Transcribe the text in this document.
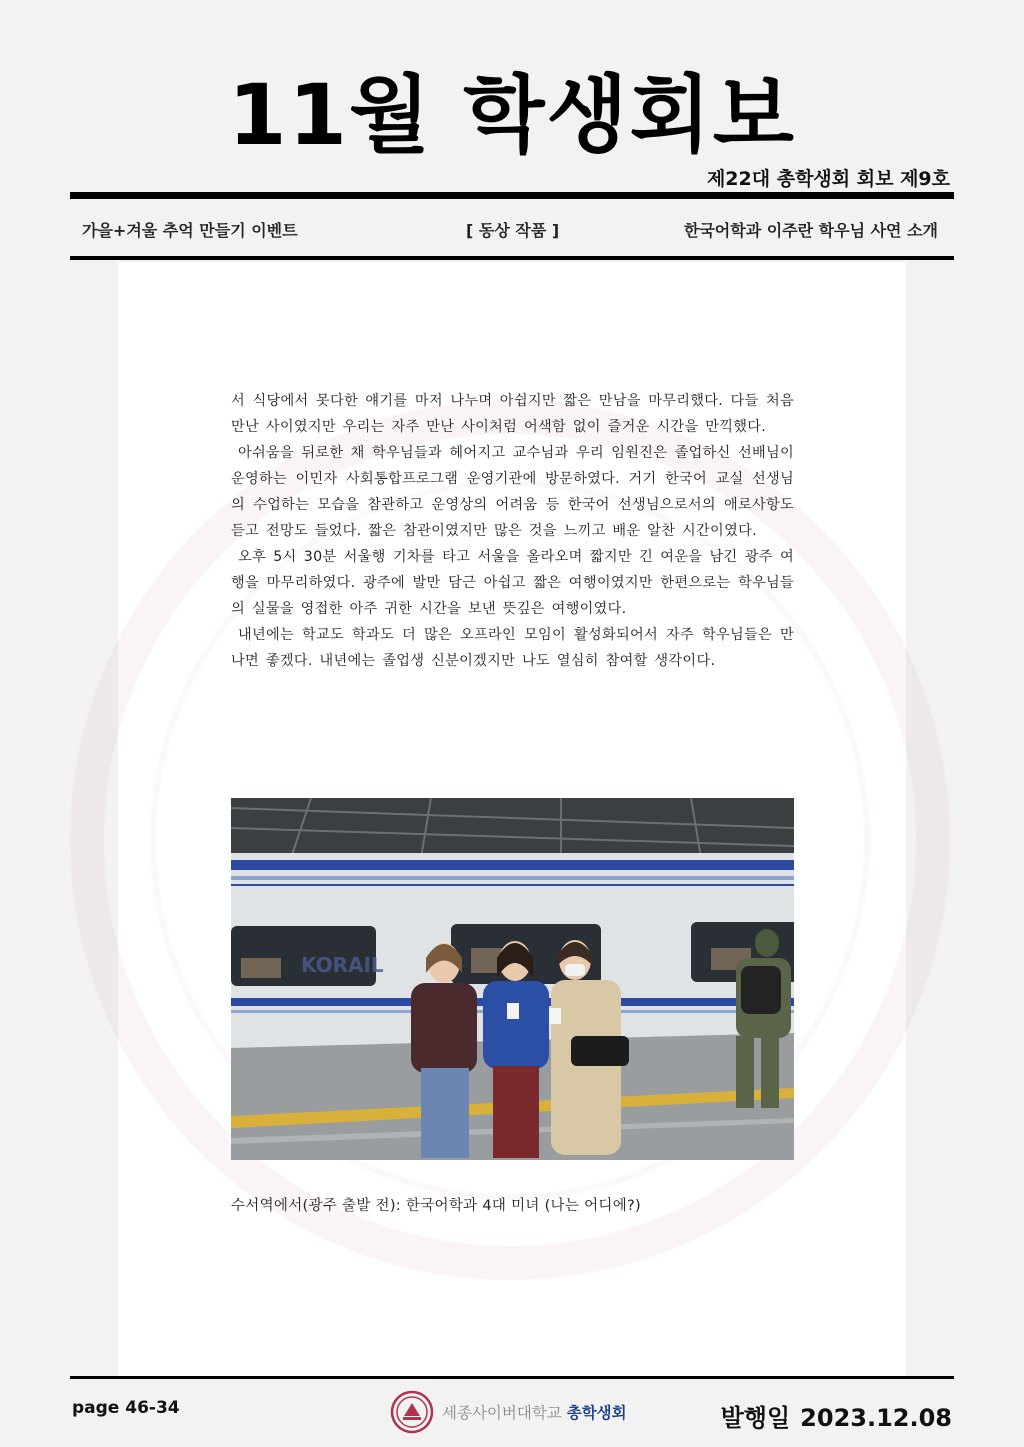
11월 학생회보
제22대 총학생회 회보 제9호
가을+겨울 추억 만들기 이벤트	[ 동상 작품 ]	한국어학과 이주란 학우님 사연 소개

서 식당에서 못다한 얘기를 마저 나누며 아쉽지만 짧은 만남을 마무리했다. 다들 처음 만난 사이였지만 우리는 자주 만난 사이처럼 어색함 없이 즐거운 시간을 만끽했다.

아쉬움을 뒤로한 채 학우님들과 헤어지고 교수님과 우리 임원진은 졸업하신 선배님이 운영하는 이민자 사회통합프로그램 운영기관에 방문하였다. 거기 한국어 교실 선생님의 수업하는 모습을 참관하고 운영상의 어려움 등 한국어 선생님으로서의 애로사항도 듣고 전망도 들었다. 짧은 참관이였지만 많은 것을 느끼고 배운 알찬 시간이였다.

오후 5시 30분 서울행 기차를 타고 서울을 올라오며 짧지만 긴 여운을 남긴 광주 여행을 마무리하였다. 광주에 발만 담근 아쉽고 짧은 여행이였지만 한편으로는 학우님들의 실물을 영접한 아주 귀한 시간을 보낸 뜻깊은 여행이였다.

내년에는 학교도 학과도 더 많은 오프라인 모임이 활성화되어서 자주 학우님들은 만나면 좋겠다. 내년에는 졸업생 신분이겠지만 나도 열심히 참여할 생각이다.

KORAIL
수서역에서(광주 출발 전): 한국어학과 4대 미녀 (나는 어디에?)
page 46-34	세종사이버대학교 총학생회	발행일 2023.12.08
